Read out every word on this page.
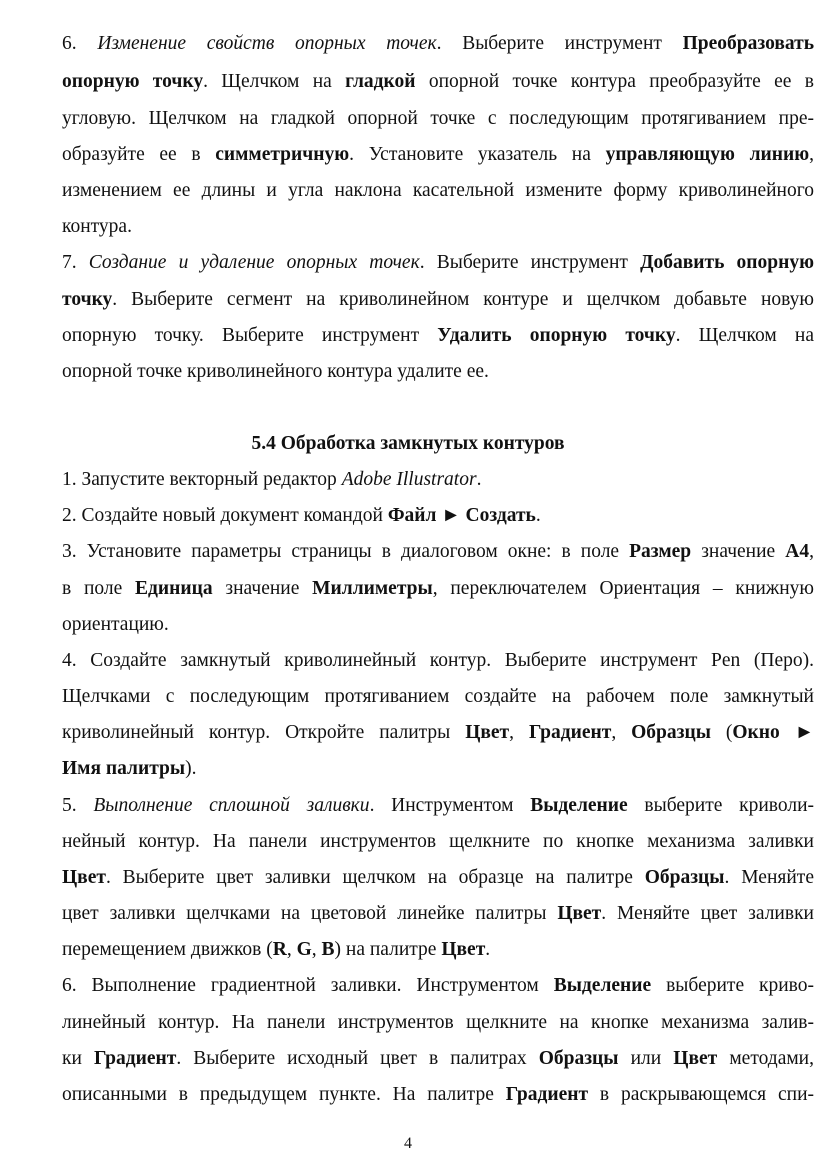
6. Изменение свойств опорных точек. Выберите инструмент Преобразовать
опорную точку. Щелчком на гладкой опорной точке контура преобразуйте ее в
угловую. Щелчком на гладкой опорной точке с последующим протягиванием пре-
образуйте ее в симметричную. Установите указатель на управляющую линию,
изменением ее длины и угла наклона касательной измените форму криволинейного
контура.
7. Создание и удаление опорных точек. Выберите инструмент Добавить опорную
точку. Выберите сегмент на криволинейном контуре и щелчком добавьте новую
опорную точку. Выберите инструмент Удалить опорную точку. Щелчком на
опорной точке криволинейного контура удалите ее.
5.4 Обработка замкнутых контуров
1. Запустите векторный редактор Adobe Illustrator.
2. Создайте новый документ командой Файл ► Создать.
3. Установите параметры страницы в диалоговом окне: в поле Размер значение А4,
в поле Единица значение Миллиметры, переключателем Ориентация – книжную
ориентацию.
4. Создайте замкнутый криволинейный контур. Выберите инструмент Pen (Перо).
Щелчками с последующим протягиванием создайте на рабочем поле замкнутый
криволинейный контур. Откройте палитры Цвет, Градиент, Образцы (Окно ►
Имя палитры).
5. Выполнение сплошной заливки. Инструментом Выделение выберите криволи-
нейный контур. На панели инструментов щелкните по кнопке механизма заливки
Цвет. Выберите цвет заливки щелчком на образце на палитре Образцы. Меняйте
цвет заливки щелчками на цветовой линейке палитры Цвет. Меняйте цвет заливки
перемещением движков (R, G, B) на палитре Цвет.
6. Выполнение градиентной заливки. Инструментом Выделение выберите криво-
линейный контур. На панели инструментов щелкните на кнопке механизма залив-
ки Градиент. Выберите исходный цвет в палитрах Образцы или Цвет методами,
описанными в предыдущем пункте. На палитре Градиент в раскрывающемся спи-
4
